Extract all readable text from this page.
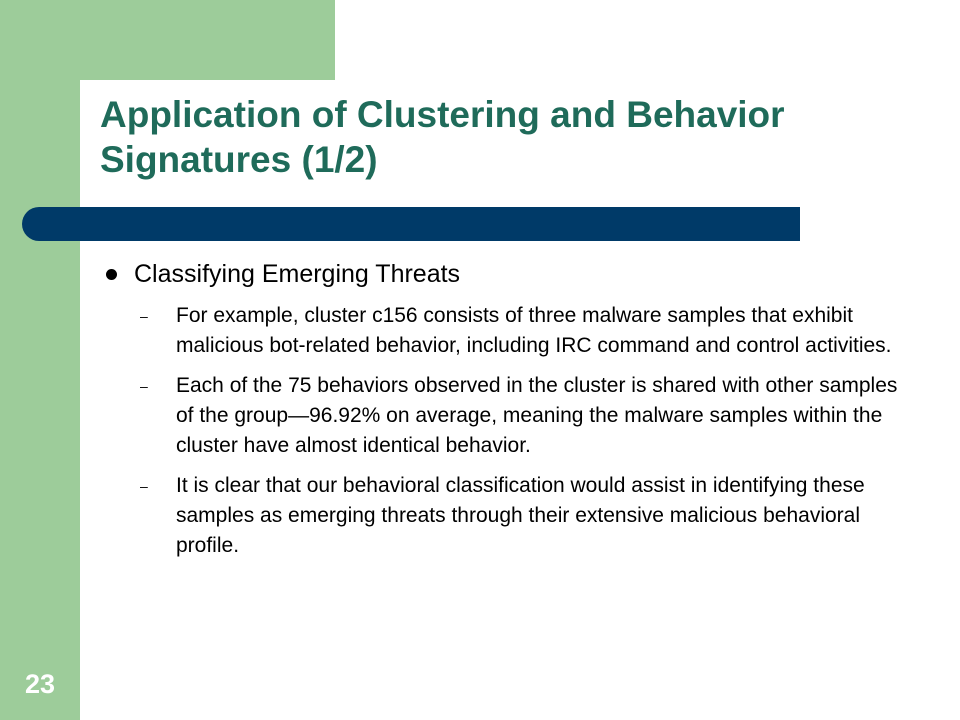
Application of Clustering and Behavior Signatures (1/2)
Classifying Emerging Threats
–	For example, cluster c156 consists of three malware samples that exhibit malicious bot-related behavior, including IRC command and control activities.
–	Each of the 75 behaviors observed in the cluster is shared with other samples of the group—96.92% on average, meaning the malware samples within the cluster have almost identical behavior.
–	It is clear that our behavioral classification would assist in identifying these samples as emerging threats through their extensive malicious behavioral profile.
23
